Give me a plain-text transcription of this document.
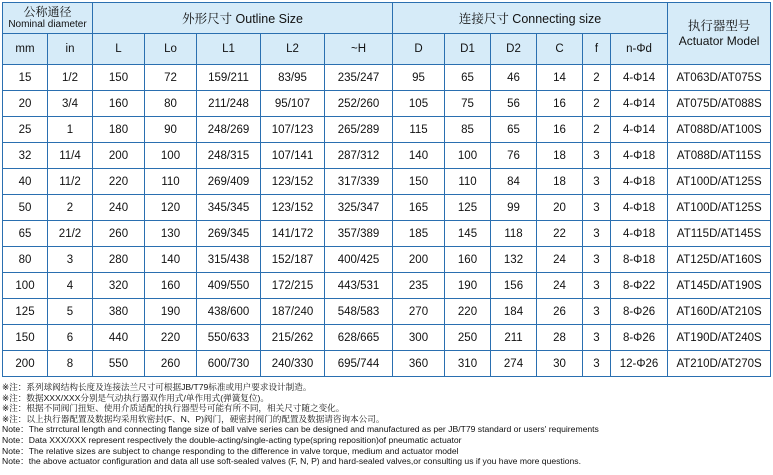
公称通径
Nominal diameter		外形尺寸 Outline Size					连接尺寸 Connecting size						执行器型号
Actuator Model

mm	in	L	Lo	L1	L2	~H	D	D1	D2	C	f	n-Φd	
15	1/2	150	72	159/211	83/95	235/247	95	65	46	14	2	4-Φ14	AT063D/AT075S
20	3/4	160	80	211/248	95/107	252/260	105	75	56	16	2	4-Φ14	AT075D/AT088S
25	1	180	90	248/269	107/123	265/289	115	85	65	16	2	4-Φ14	AT088D/AT100S
32	11/4	200	100	248/315	107/141	287/312	140	100	76	18	3	4-Φ18	AT088D/AT115S
40	11/2	220	110	269/409	123/152	317/339	150	110	84	18	3	4-Φ18	AT100D/AT125S
50	2	240	120	345/345	123/152	325/347	165	125	99	20	3	4-Φ18	AT100D/AT125S
65	21/2	260	130	269/345	141/172	357/389	185	145	118	22	3	4-Φ18	AT115D/AT145S
80	3	280	140	315/438	152/187	400/425	200	160	132	24	3	8-Φ18	AT125D/AT160S
100	4	320	160	409/550	172/215	443/531	235	190	156	24	3	8-Φ22	AT145D/AT190S
125	5	380	190	438/600	187/240	548/583	270	220	184	26	3	8-Φ26	AT160D/AT210S
150	6	440	220	550/633	215/262	628/665	300	250	211	28	3	8-Φ26	AT190D/AT240S
200	8	550	260	600/730	240/330	695/744	360	310	274	30	3	12-Φ26	AT210D/AT270S
※注：系列球阀结构长度及连接法兰尺寸可根据JB/T79标准或用户要求设计制造。
※注：数据XXX/XXX分别是气动执行器双作用式/单作用式(弹簧复位)。
※注：根据不同阀门扭矩、使用介质适配的执行器型号可能有所不同，相关尺寸随之变化。
※注：以上执行器配置及数据均采用软密封(F、N、P)阀门，硬密封阀门的配置及数据请咨询本公司。
Note：The strrctural length and connecting flange size of ball valve series can be designed and manufactured as per JB/T79 standard or users' requirements
Note：Data XXX/XXX represent respectively the double-acting/single-acting type(spring reposition)of pneumatic actuator
Note：The relative sizes are subject to change responding to the difference in valve torque, medium and actuator model
Note：the above actuator configuration and data all use soft-sealed valves (F, N, P) and hard-sealed valves,or consulting us if you have more questions.
